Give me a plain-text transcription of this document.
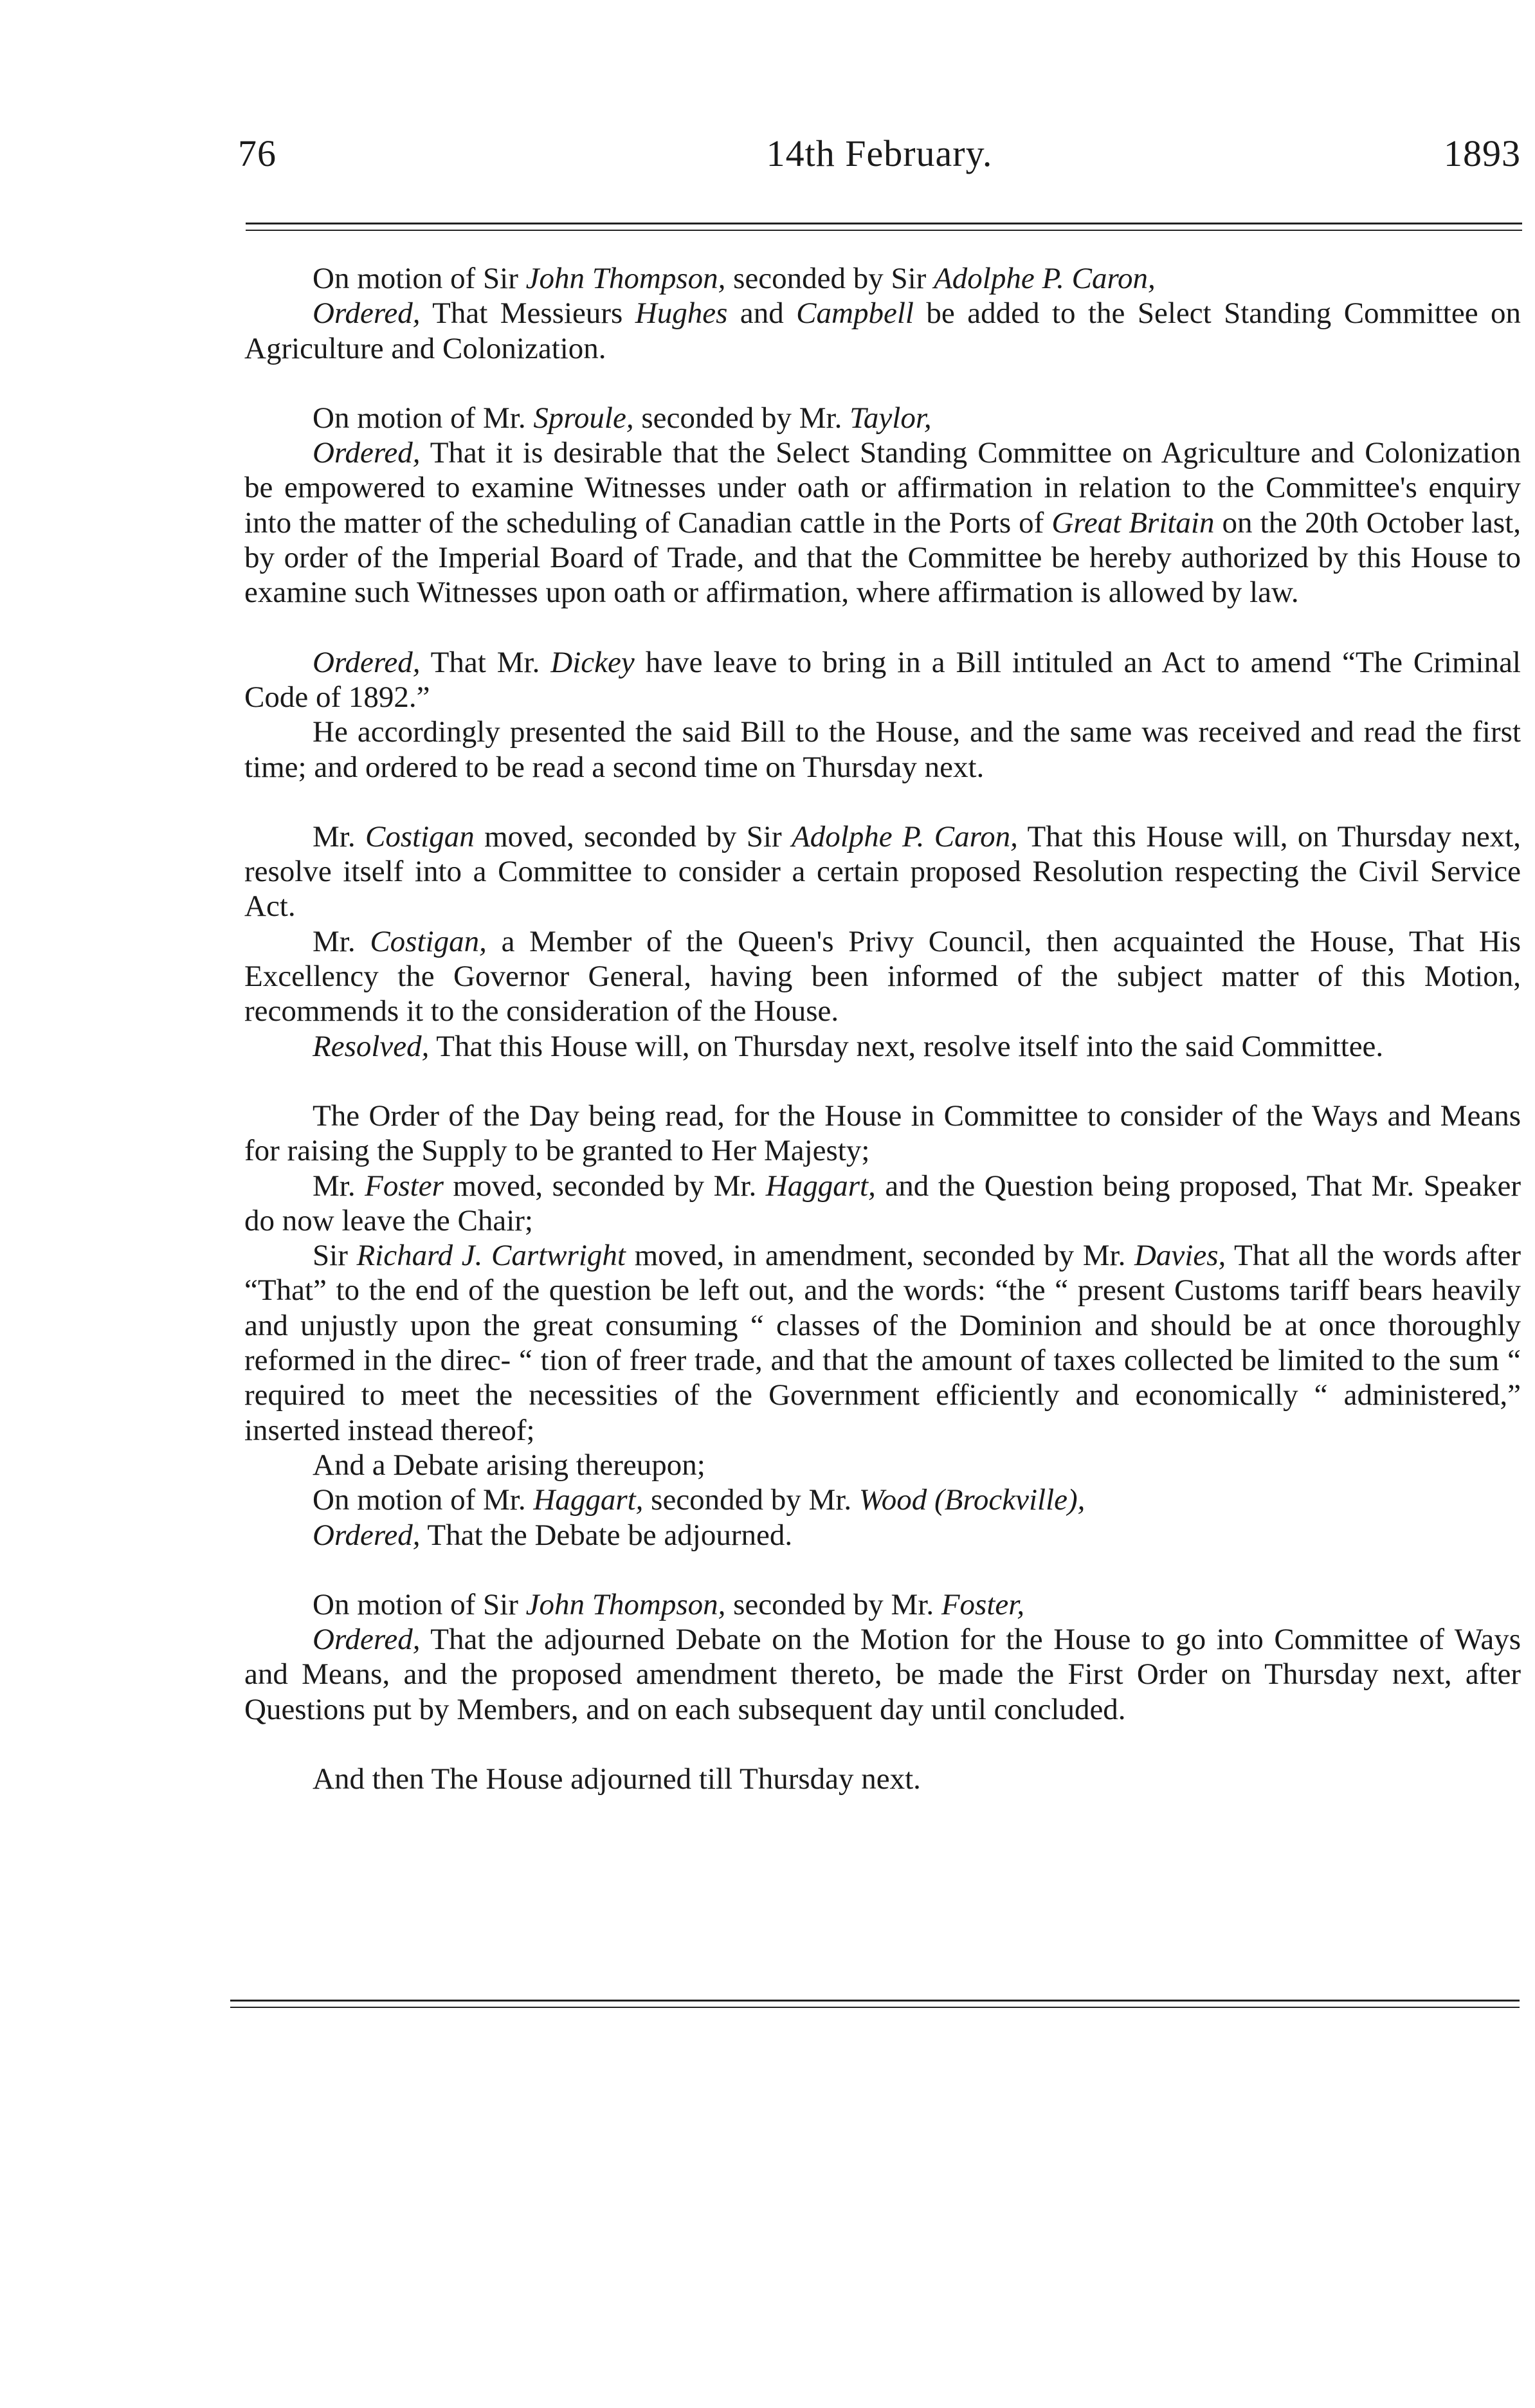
76	14th February.	1893

On motion of Sir John Thompson, seconded by Sir Adolphe P. Caron,

Ordered, That Messieurs Hughes and Campbell be added to the Select Standing Committee on Agriculture and Colonization.

On motion of Mr. Sproule, seconded by Mr. Taylor,

Ordered, That it is desirable that the Select Standing Committee on Agriculture and Colonization be empowered to examine Witnesses under oath or affirmation in relation to the Committee's enquiry into the matter of the scheduling of Canadian cattle in the Ports of Great Britain on the 20th October last, by order of the Imperial Board of Trade, and that the Committee be hereby authorized by this House to examine such Witnesses upon oath or affirmation, where affirmation is allowed by law.

Ordered, That Mr. Dickey have leave to bring in a Bill intituled an Act to amend “The Criminal Code of 1892.”

He accordingly presented the said Bill to the House, and the same was received and read the first time; and ordered to be read a second time on Thursday next.

Mr. Costigan moved, seconded by Sir Adolphe P. Caron, That this House will, on Thursday next, resolve itself into a Committee to consider a certain proposed Resolution respecting the Civil Service Act.

Mr. Costigan, a Member of the Queen's Privy Council, then acquainted the House, That His Excellency the Governor General, having been informed of the subject matter of this Motion, recommends it to the consideration of the House.

Resolved, That this House will, on Thursday next, resolve itself into the said Committee.

The Order of the Day being read, for the House in Committee to consider of the Ways and Means for raising the Supply to be granted to Her Majesty;

Mr. Foster moved, seconded by Mr. Haggart, and the Question being proposed, That Mr. Speaker do now leave the Chair;

Sir Richard J. Cartwright moved, in amendment, seconded by Mr. Davies, That all the words after “That” to the end of the question be left out, and the words: “the “ present Customs tariff bears heavily and unjustly upon the great consuming “ classes of the Dominion and should be at once thoroughly reformed in the direc- “ tion of freer trade, and that the amount of taxes collected be limited to the sum “ required to meet the necessities of the Government efficiently and economically “ administered,” inserted instead thereof;

And a Debate arising thereupon;

On motion of Mr. Haggart, seconded by Mr. Wood (Brockville),

Ordered, That the Debate be adjourned.

On motion of Sir John Thompson, seconded by Mr. Foster,

Ordered, That the adjourned Debate on the Motion for the House to go into Committee of Ways and Means, and the proposed amendment thereto, be made the First Order on Thursday next, after Questions put by Members, and on each subsequent day until concluded.

And then The House adjourned till Thursday next.
